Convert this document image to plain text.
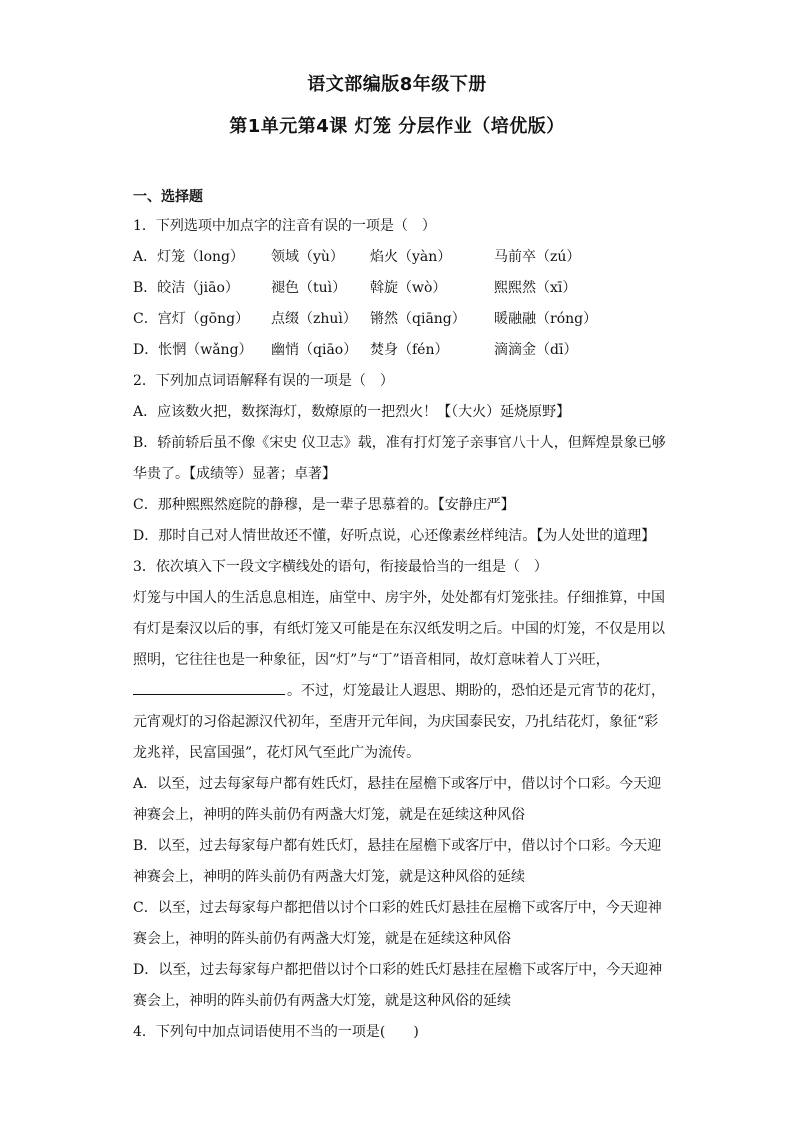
语文部编版8年级下册
第1单元第4课 灯笼 分层作业（培优版）
一、选择题
1．下列选项中加点字的注音有误的一项是（　）
A．灯笼（long）	领域（yù）	焰火（yàn）	马前卒（zú）
B．皎洁（jiāo）	褪色（tuì）	斡旋（wò）	熙熙然（xī）
C．宫灯（gōng）	点缀（zhuì） 锵然（qiāng）	暖融融（róng）
D．怅惘（wǎng）	幽悄（qiāo） 焚身（fén）	滴滴金（dī）
2．下列加点词语解释有误的一项是（　）
A．应该数火把，数探海灯，数燎原的一把烈火！【（大火）延烧原野】
B．轿前轿后虽不像《宋史 仪卫志》载，准有打灯笼子亲事官八十人，但辉煌景象已够
华贵了。【成绩等）显著；卓著】
C．那种熙熙然庭院的静穆，是一辈子思慕着的。【安静庄严】
D．那时自己对人情世故还不懂，好听点说，心还像素丝样纯洁。【为人处世的道理】
3．依次填入下一段文字横线处的语句，衔接最恰当的一组是（　）
灯笼与中国人的生活息息相连，庙堂中、房宇外，处处都有灯笼张挂。仔细推算，中国
有灯是秦汉以后的事，有纸灯笼又可能是在东汉纸发明之后。中国的灯笼，不仅是用以
照明，它往往也是一种象征，因“灯”与“丁”语音相同，故灯意味着人丁兴旺，
。不过，灯笼最让人遐思、期盼的，恐怕还是元宵节的花灯，
元宵观灯的习俗起源汉代初年，至唐开元年间，为庆国泰民安，乃扎结花灯，象征“彩
龙兆祥，民富国强”，花灯风气至此广为流传。
A．以至，过去每家每户都有姓氏灯，悬挂在屋檐下或客厅中，借以讨个口彩。今天迎
神赛会上，神明的阵头前仍有两盏大灯笼，就是在延续这种风俗
B．以至，过去每家每户都有姓氏灯，悬挂在屋檐下或客厅中，借以讨个口彩。今天迎
神赛会上，神明的阵头前仍有两盏大灯笼，就是这种风俗的延续
C．以至，过去每家每户都把借以讨个口彩的姓氏灯悬挂在屋檐下或客厅中，今天迎神
赛会上，神明的阵头前仍有两盏大灯笼，就是在延续这种风俗
D．以至，过去每家每户都把借以讨个口彩的姓氏灯悬挂在屋檐下或客厅中，今天迎神
赛会上，神明的阵头前仍有两盏大灯笼，就是这种风俗的延续
4．下列句中加点词语使用不当的一项是(　　)
